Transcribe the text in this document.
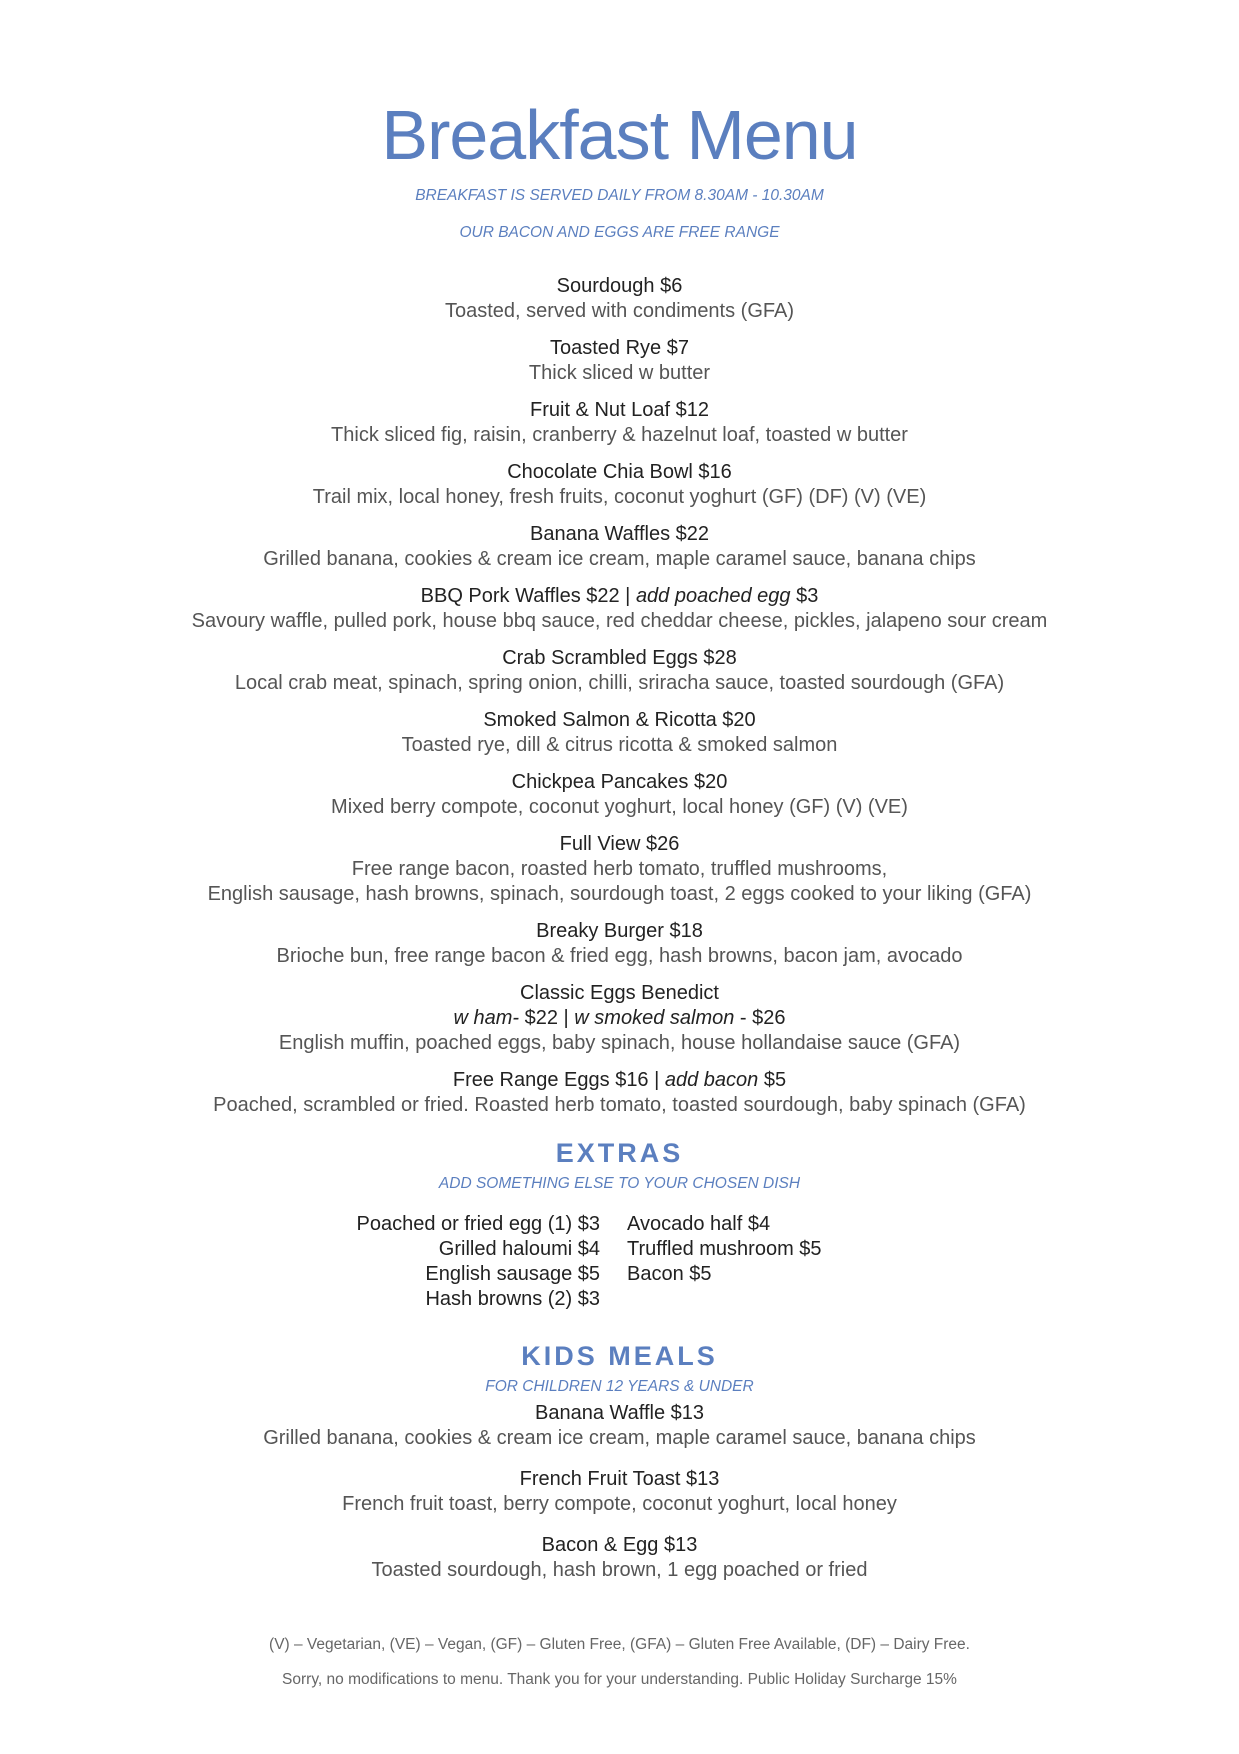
Breakfast Menu
BREAKFAST IS SERVED DAILY FROM 8.30AM - 10.30AM
OUR BACON AND EGGS ARE FREE RANGE
Sourdough $6
Toasted, served with condiments (GFA)
Toasted Rye $7
Thick sliced w butter
Fruit & Nut Loaf $12
Thick sliced fig, raisin, cranberry & hazelnut loaf, toasted w butter
Chocolate Chia Bowl $16
Trail mix, local honey, fresh fruits, coconut yoghurt (GF) (DF) (V) (VE)
Banana Waffles $22
Grilled banana, cookies & cream ice cream, maple caramel sauce, banana chips
BBQ Pork Waffles $22 | add poached egg $3
Savoury waffle, pulled pork, house bbq sauce, red cheddar cheese, pickles, jalapeno sour cream
Crab Scrambled Eggs $28
Local crab meat, spinach, spring onion, chilli, sriracha sauce, toasted sourdough (GFA)
Smoked Salmon & Ricotta $20
Toasted rye, dill & citrus ricotta & smoked salmon
Chickpea Pancakes $20
Mixed berry compote, coconut yoghurt, local honey (GF) (V) (VE)
Full View $26
Free range bacon, roasted herb tomato, truffled mushrooms,
English sausage, hash browns, spinach, sourdough toast, 2 eggs cooked to your liking (GFA)
Breaky Burger $18
Brioche bun, free range bacon & fried egg, hash browns, bacon jam, avocado
Classic Eggs Benedict
w ham- $22 | w smoked salmon - $26
English muffin, poached eggs, baby spinach, house hollandaise sauce (GFA)
Free Range Eggs $16 | add bacon $5
Poached, scrambled or fried. Roasted herb tomato, toasted sourdough, baby spinach (GFA)
EXTRAS
ADD SOMETHING ELSE TO YOUR CHOSEN DISH
Poached or fried egg (1) $3
Grilled haloumi $4
English sausage $5
Hash browns (2) $3
Avocado half $4
Truffled mushroom $5
Bacon $5
KIDS MEALS
FOR CHILDREN 12 YEARS & UNDER
Banana Waffle $13
Grilled banana, cookies & cream ice cream, maple caramel sauce, banana chips
French Fruit Toast $13
French fruit toast, berry compote, coconut yoghurt, local honey
Bacon & Egg $13
Toasted sourdough, hash brown, 1 egg poached or fried
(V) – Vegetarian, (VE) – Vegan, (GF) – Gluten Free, (GFA) – Gluten Free Available, (DF) – Dairy Free.
Sorry, no modifications to menu. Thank you for your understanding. Public Holiday Surcharge 15%
